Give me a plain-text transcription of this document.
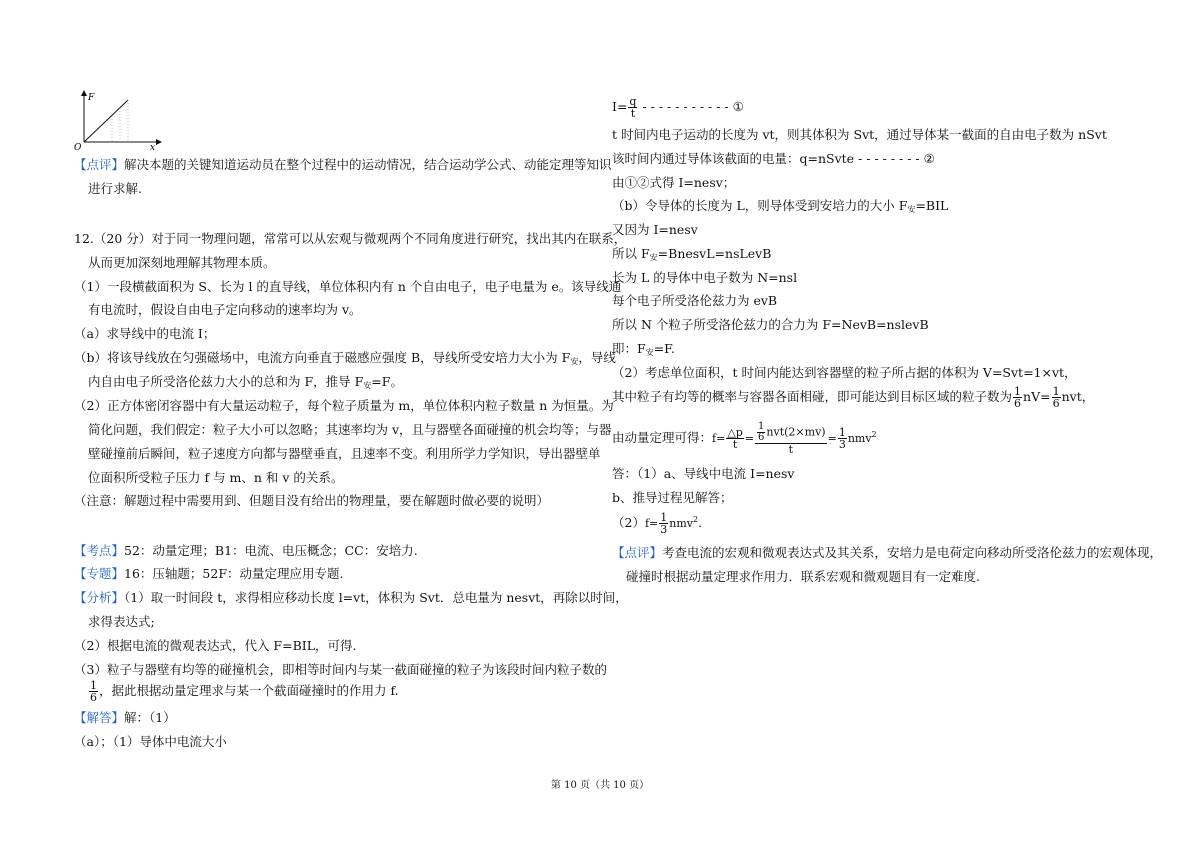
F
x
O
【点评】解决本题的关键知道运动员在整个过程中的运动情况，结合运动学公式、动能定理等知识
进行求解.
12.（20 分）对于同一物理问题，常常可以从宏观与微观两个不同角度进行研究，找出其内在联系，
从而更加深刻地理解其物理本质。
（1）一段横截面积为 S、长为 l 的直导线，单位体积内有 n 个自由电子，电子电量为 e。该导线通
有电流时，假设自由电子定向移动的速率均为 v。
（a）求导线中的电流 I；
（b）将该导线放在匀强磁场中，电流方向垂直于磁感应强度 B，导线所受安培力大小为 $F_安$，导线
内自由电子所受洛伦兹力大小的总和为 F，推导 $F_安=F$。
（2）正方体密闭容器中有大量运动粒子，每个粒子质量为 m，单位体积内粒子数量 n 为恒量。为
简化问题，我们假定：粒子大小可以忽略；其速率均为 v，且与器壁各面碰撞的机会均等；与器
壁碰撞前后瞬间，粒子速度方向都与器壁垂直，且速率不变。利用所学力学知识，导出器壁单
位面积所受粒子压力 f 与 m、n 和 v 的关系。
（注意：解题过程中需要用到、但题目没有给出的物理量，要在解题时做必要的说明）
【考点】52：动量定理；B1：电流、电压概念；CC：安培力.
【专题】16：压轴题；52F：动量定理应用专题.
【分析】（1）取一时间段 t，求得相应移动长度 l=vt，体积为 Svt．总电量为 nesvt，再除以时间，
求得表达式;
（2）根据电流的微观表达式，代入 F=BIL，可得.
（3）粒子与器壁有均等的碰撞机会，即相等时间内与某一截面碰撞的粒子为该段时间内粒子数的
$\frac{1}{6}$ ，据此根据动量定理求与某一个截面碰撞时的作用力 f.
【解答】解：（1）
（a）；（1）导体中电流大小
$I= \frac{q}{t}$ - - - - - - - - - - - ①
t 时间内电子运动的长度为 vt，则其体积为 Svt，通过导体某一截面的自由电子数为 nSvt
该时间内通过导体该截面的电量：q=nSvte - - - - - - - - ②
由①②式得 I=nesv；
（b）令导体的长度为 L，则导体受到安培力的大小 $F_安=BIL$
又因为 I=nesv
所以 $F_安=BnesvL=nsLevB$
长为 L 的导体中电子数为 N=nsl
每个电子所受洛伦兹力为 evB
所以 N 个粒子所受洛伦兹力的合力为 F=NevB=nslevB
即：$F_安=F$.
（2）考虑单位面积，t 时间内能达到容器壁的粒子所占据的体积为 V=Svt=1×vt，
其中粒子有均等的概率与容器各面相碰，即可能达到目标区域的粒子数为 $\frac{1}{6} nV= \frac{1}{6}$ nvt，
由动量定理可得：$f= \frac{\triangle p}{t} = \frac{\frac{1}{6} nvt(2\times mv)}{t} = \frac{1}{3} nmv^2$
答：（1）a、导线中电流 I=nesv
b、推导过程见解答；
$(2)f= \frac{1}{3} nmv^2$.
【点评】考查电流的宏观和微观表达式及其关系，安培力是电荷定向移动所受洛伦兹力的宏观体现，
碰撞时根据动量定理求作用力．联系宏观和微观题目有一定难度.
第 10 页（共 10 页）
